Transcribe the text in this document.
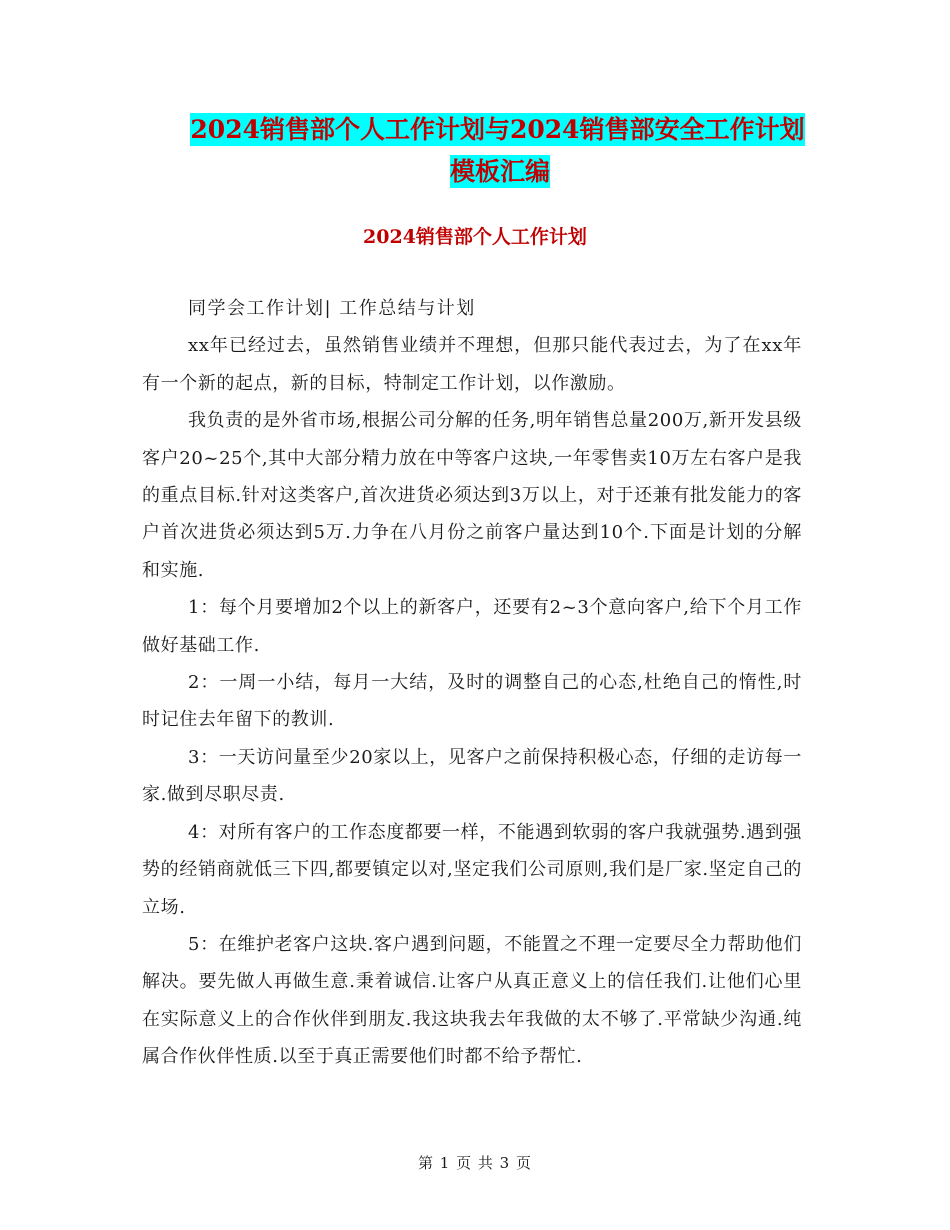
2024销售部个人工作计划与2024销售部安全工作计划
模板汇编
2024销售部个人工作计划

同学会工作计划| 工作总结与计划

xx年已经过去，虽然销售业绩并不理想，但那只能代表过去，为了在xx年有一个新的起点，新的目标，特制定工作计划，以作激励。

我负责的是外省市场,根据公司分解的任务,明年销售总量200万,新开发县级客户20~25个,其中大部分精力放在中等客户这块,一年零售卖10万左右客户是我的重点目标.针对这类客户,首次进货必须达到3万以上，对于还兼有批发能力的客户首次进货必须达到5万.力争在八月份之前客户量达到10个.下面是计划的分解和实施.

1：每个月要增加2个以上的新客户，还要有2~3个意向客户,给下个月工作做好基础工作.

2：一周一小结，每月一大结，及时的调整自己的心态,杜绝自己的惰性,时时记住去年留下的教训.

3：一天访问量至少20家以上，见客户之前保持积极心态，仔细的走访每一家.做到尽职尽责.

4：对所有客户的工作态度都要一样，不能遇到软弱的客户我就强势.遇到强势的经销商就低三下四,都要镇定以对,坚定我们公司原则,我们是厂家.坚定自己的立场.

5：在维护老客户这块.客户遇到问题，不能置之不理一定要尽全力帮助他们解决。要先做人再做生意.秉着诚信.让客户从真正意义上的信任我们.让他们心里在实际意义上的合作伙伴到朋友.我这块我去年我做的太不够了.平常缺少沟通.纯属合作伙伴性质.以至于真正需要他们时都不给予帮忙.

第 1 页 共 3 页
